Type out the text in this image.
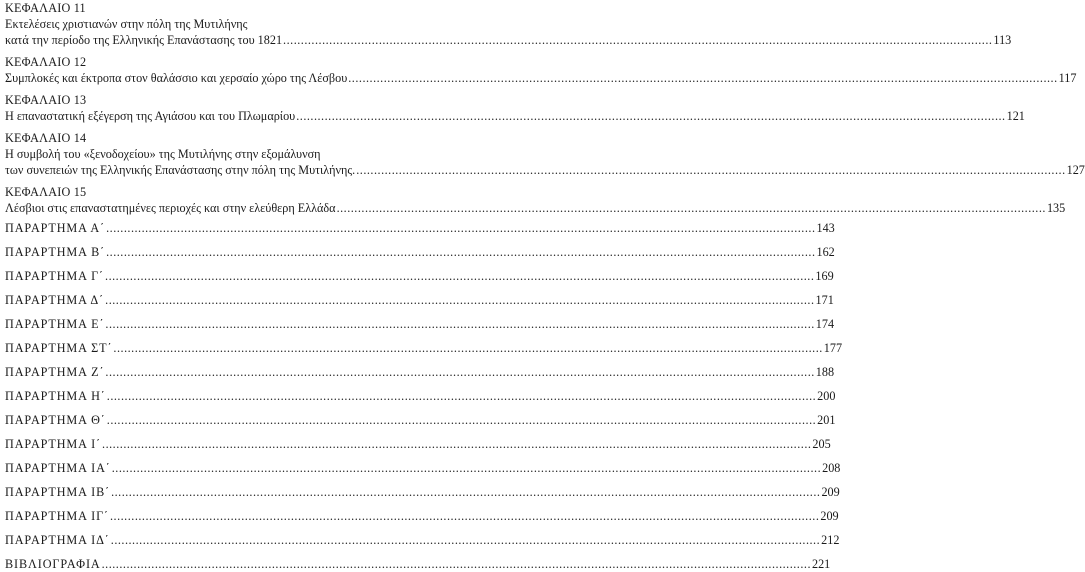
ΚΕΦΑΛΑΙΟ 11
Εκτελέσεις χριστιανών στην πόλη της Μυτιλήνης
κατά την περίοδο της Ελληνικής Επανάστασης του 1821 ........................................................................................................................................................................................................ 113
ΚΕΦΑΛΑΙΟ 12
Συμπλοκές και έκτροπα στον θαλάσσιο και χερσαίο χώρο της Λέσβου ........................................................................................................................................................................................................ 117
ΚΕΦΑΛΑΙΟ 13
Η επαναστατική εξέγερση της Αγιάσου και του Πλωμαρίου ........................................................................................................................................................................................................ 121
ΚΕΦΑΛΑΙΟ 14
Η συμβολή του «ξενοδοχείου» της Μυτιλήνης στην εξομάλυνση
των συνεπειών της Ελληνικής Επανάστασης στην πόλη της Μυτιλήνης. ........................................................................................................................................................................................................ 127
ΚΕΦΑΛΑΙΟ 15
Λέσβιοι στις επαναστατημένες περιοχές και στην ελεύθερη Ελλάδα ........................................................................................................................................................................................................ 135
ΠΑΡΑΡΤΗΜΑ Α΄ ........................................................................................................................................................................................................ 143
ΠΑΡΑΡΤΗΜΑ Β΄ ........................................................................................................................................................................................................ 162
ΠΑΡΑΡΤΗΜΑ Γ΄ ........................................................................................................................................................................................................ 169
ΠΑΡΑΡΤΗΜΑ Δ΄ ........................................................................................................................................................................................................ 171
ΠΑΡΑΡΤΗΜΑ Ε΄ ........................................................................................................................................................................................................ 174
ΠΑΡΑΡΤΗΜΑ ΣΤ΄ ........................................................................................................................................................................................................ 177
ΠΑΡΑΡΤΗΜΑ Ζ΄ ........................................................................................................................................................................................................ 188
ΠΑΡΑΡΤΗΜΑ Η΄ ........................................................................................................................................................................................................ 200
ΠΑΡΑΡΤΗΜΑ Θ΄ ........................................................................................................................................................................................................ 201
ΠΑΡΑΡΤΗΜΑ Ι΄ ........................................................................................................................................................................................................ 205
ΠΑΡΑΡΤΗΜΑ ΙΑ΄ ........................................................................................................................................................................................................ 208
ΠΑΡΑΡΤΗΜΑ ΙΒ΄ ........................................................................................................................................................................................................ 209
ΠΑΡΑΡΤΗΜΑ ΙΓ΄ ........................................................................................................................................................................................................ 209
ΠΑΡΑΡΤΗΜΑ ΙΔ΄ ........................................................................................................................................................................................................ 212
ΒΙΒΛΙΟΓΡΑΦΙΑ ........................................................................................................................................................................................................ 221
